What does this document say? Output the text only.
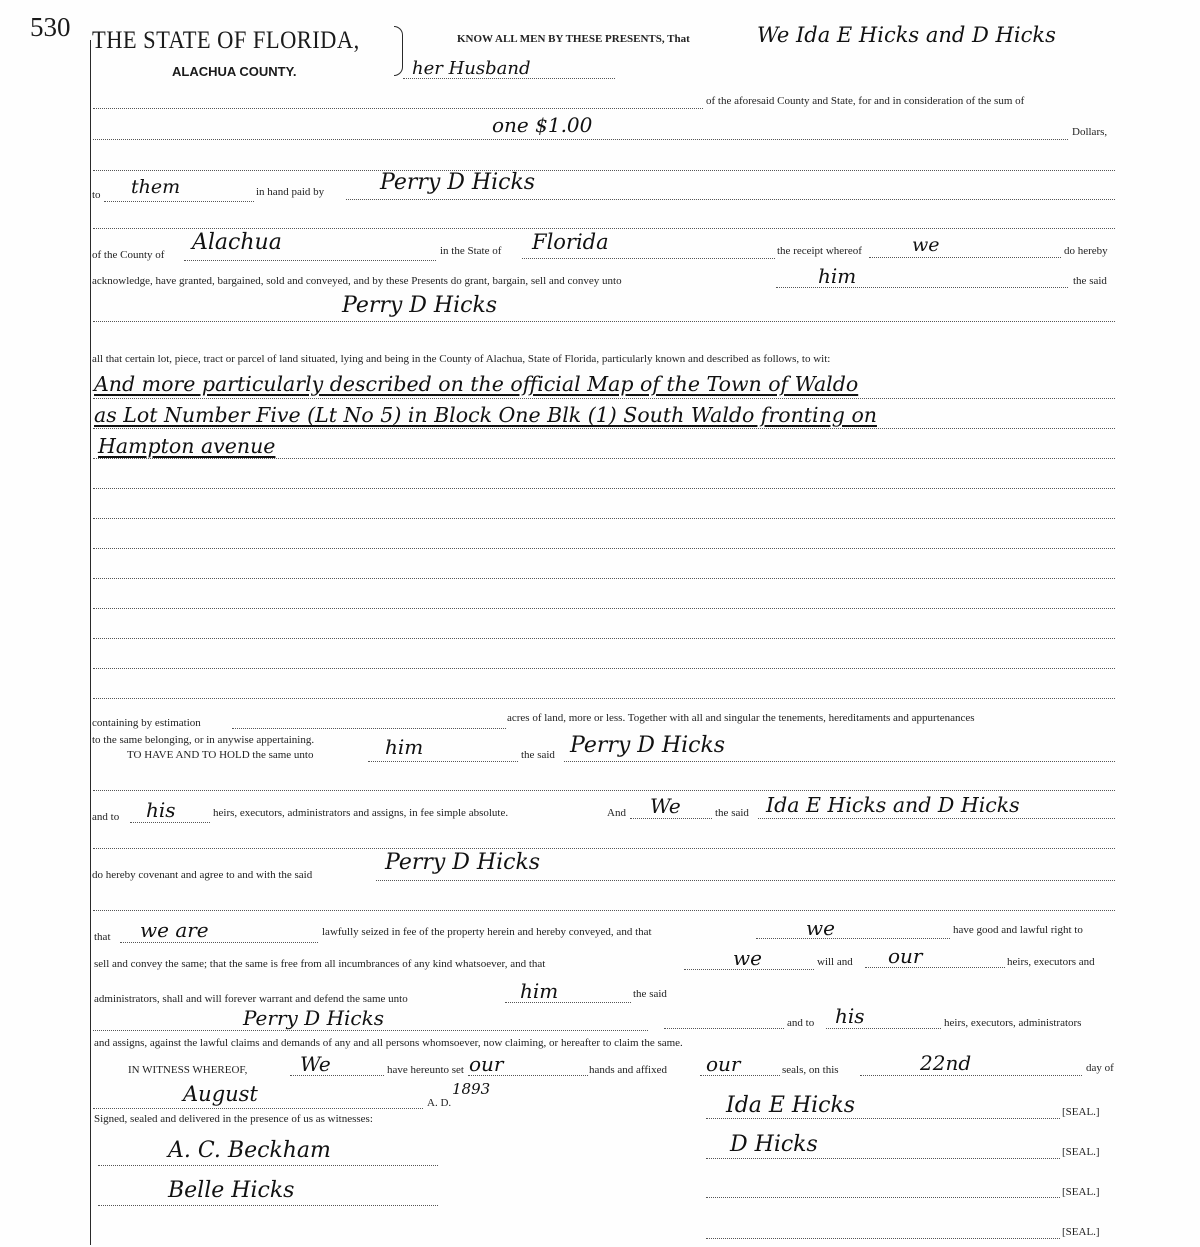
530 THE STATE OF FLORIDA,
ALACHUA COUNTY.
KNOW ALL MEN BY THESE PRESENTS, That	We Ida E Hicks and D Hicks
her Husband
of the aforesaid County and State, for and in consideration of the sum of
one $1.00	Dollars,
to them	in hand paid by	Perry D Hicks
of the County of Alachua	in the State of Florida	the receipt whereof	we	do hereby
acknowledge, have granted, bargained, sold and conveyed, and by these Presents do grant, bargain, sell and convey unto	him	the said
Perry D Hicks
all that certain lot, piece, tract or parcel of land situated, lying and being in the County of Alachua, State of Florida, particularly known and described as follows, to wit:
And more particularly described on the official Map of the Town of Waldo
as Lot Number Five (Lt No 5) in Block One Blk (1) South Waldo fronting on
Hampton avenue
containing by estimation	acres of land, more or less. Together with all and singular the tenements, hereditaments and appurtenances
to the same belonging, or in anywise appertaining.
TO HAVE AND TO HOLD the same unto	him	the said Perry D Hicks
and to his	heirs, executors, administrators and assigns, in fee simple absolute.	And We	the said Ida E Hicks and D Hicks
do hereby covenant and agree to and with the said	Perry D Hicks
that we are	lawfully seized in fee of the property herein and hereby conveyed, and that	we	have good and lawful right to
sell and convey the same; that the same is free from all incumbrances of any kind whatsoever, and that	we	will and our	heirs, executors and
administrators, shall and will forever warrant and defend the same unto	him	the said
Perry D Hicks	and to his	heirs, executors, administrators
and assigns, against the lawful claims and demands of any and all persons whomsoever, now claiming, or hereafter to claim the same.
IN WITNESS WHEREOF,	We	have hereunto set our	hands and affixed our	seals, on this	22nd	day of
August	A. D.
1893
Signed, sealed and delivered in the presence of us as witnesses:
Ida E Hicks	[SEAL.]
D Hicks	[SEAL.]
[SEAL.]
[SEAL.]
A. C. Beckham
Belle Hicks
